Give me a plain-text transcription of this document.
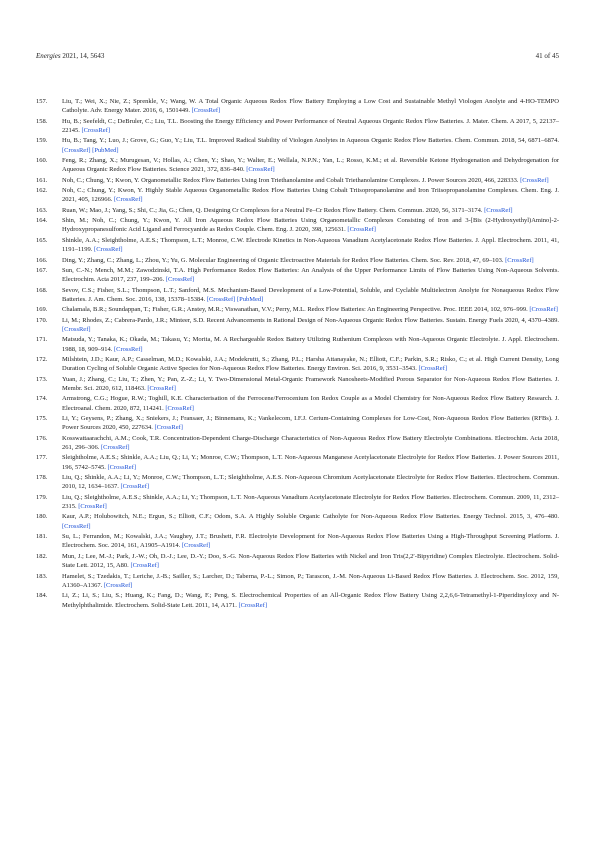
Energies 2021, 14, 5643	41 of 45
157.	Liu, T.; Wei, X.; Nie, Z.; Sprenkle, V.; Wang, W. A Total Organic Aqueous Redox Flow Battery Employing a Low Cost and Sustainable Methyl Viologen Anolyte and 4-HO-TEMPO Catholyte. Adv. Energy Mater. 2016, 6, 1501449. [CrossRef]
158.	Hu, B.; Seefeldt, C.; DeBruler, C.; Liu, T.L. Boosting the Energy Efficiency and Power Performance of Neutral Aqueous Organic Redox Flow Batteries. J. Mater. Chem. A 2017, 5, 22137–22145. [CrossRef]
159.	Hu, B.; Tang, Y.; Luo, J.; Grove, G.; Guo, Y.; Liu, T.L. Improved Radical Stability of Viologen Anolytes in Aqueous Organic Redox Flow Batteries. Chem. Commun. 2018, 54, 6871–6874. [CrossRef] [PubMed]
160.	Feng, R.; Zhang, X.; Murugesan, V.; Hollas, A.; Chen, Y.; Shao, Y.; Walter, E.; Wellala, N.P.N.; Yan, L.; Rosso, K.M.; et al. Reversible Ketone Hydrogenation and Dehydrogenation for Aqueous Organic Redox Flow Batteries. Science 2021, 372, 836–840. [CrossRef]
161.	Noh, C.; Chung, Y.; Kwon, Y. Organometallic Redox Flow Batteries Using Iron Triethanolamine and Cobalt Triethanolamine Complexes. J. Power Sources 2020, 466, 228333. [CrossRef]
162.	Noh, C.; Chung, Y.; Kwon, Y. Highly Stable Aqueous Organometallic Redox Flow Batteries Using Cobalt Triisopropanolamine and Iron Triisopropanolamine Complexes. Chem. Eng. J. 2021, 405, 126966. [CrossRef]
163.	Ruan, W.; Mao, J.; Yang, S.; Shi, C.; Jia, G.; Chen, Q. Designing Cr Complexes for a Neutral Fe–Cr Redox Flow Battery. Chem. Commun. 2020, 56, 3171–3174. [CrossRef]
164.	Shin, M.; Noh, C.; Chung, Y.; Kwon, Y. All Iron Aqueous Redox Flow Batteries Using Organometallic Complexes Consisting of Iron and 3-[Bis (2-Hydroxyethyl)Amino]-2-Hydroxypropanesulfonic Acid Ligand and Ferrocyanide as Redox Couple. Chem. Eng. J. 2020, 398, 125631. [CrossRef]
165.	Shinkle, A.A.; Sleightholme, A.E.S.; Thompson, L.T.; Monroe, C.W. Electrode Kinetics in Non-Aqueous Vanadium Acetylacetonate Redox Flow Batteries. J. Appl. Electrochem. 2011, 41, 1191–1199. [CrossRef]
166.	Ding, Y.; Zhang, C.; Zhang, L.; Zhou, Y.; Yu, G. Molecular Engineering of Organic Electroactive Materials for Redox Flow Batteries. Chem. Soc. Rev. 2018, 47, 69–103. [CrossRef]
167.	Sun, C.-N.; Mench, M.M.; Zawodzinski, T.A. High Performance Redox Flow Batteries: An Analysis of the Upper Performance Limits of Flow Batteries Using Non-Aqueous Solvents. Electrochim. Acta 2017, 237, 199–206. [CrossRef]
168.	Sevov, C.S.; Fisher, S.L.; Thompson, L.T.; Sanford, M.S. Mechanism-Based Development of a Low-Potential, Soluble, and Cyclable Multielectron Anolyte for Nonaqueous Redox Flow Batteries. J. Am. Chem. Soc. 2016, 138, 15378–15384. [CrossRef] [PubMed]
169.	Chalamala, B.R.; Soundappan, T.; Fisher, G.R.; Anstey, M.R.; Viswanathan, V.V.; Perry, M.L. Redox Flow Batteries: An Engineering Perspective. Proc. IEEE 2014, 102, 976–999. [CrossRef]
170.	Li, M.; Rhodes, Z.; Cabrera-Pardo, J.R.; Minteer, S.D. Recent Advancements in Rational Design of Non-Aqueous Organic Redox Flow Batteries. Sustain. Energy Fuels 2020, 4, 4370–4389. [CrossRef]
171.	Matsuda, Y.; Tanaka, K.; Okada, M.; Takasu, Y.; Morita, M. A Rechargeable Redox Battery Utilizing Ruthenium Complexes with Non-Aqueous Organic Electrolyte. J. Appl. Electrochem. 1988, 18, 909–914. [CrossRef]
172.	Milshtein, J.D.; Kaur, A.P.; Casselman, M.D.; Kowalski, J.A.; Modekrutti, S.; Zhang, P.L.; Harsha Attanayake, N.; Elliott, C.F.; Parkin, S.R.; Risko, C.; et al. High Current Density, Long Duration Cycling of Soluble Organic Active Species for Non-Aqueous Redox Flow Batteries. Energy Environ. Sci. 2016, 9, 3531–3543. [CrossRef]
173.	Yuan, J.; Zhang, C.; Liu, T.; Zhen, Y.; Pan, Z.-Z.; Li, Y. Two-Dimensional Metal-Organic Framework Nanosheets-Modified Porous Separator for Non-Aqueous Redox Flow Batteries. J. Membr. Sci. 2020, 612, 118463. [CrossRef]
174.	Armstrong, C.G.; Hogue, R.W.; Toghill, K.E. Characterisation of the Ferrocene/Ferrocenium Ion Redox Couple as a Model Chemistry for Non-Aqueous Redox Flow Battery Research. J. Electroanal. Chem. 2020, 872, 114241. [CrossRef]
175.	Li, Y.; Geysens, P.; Zhang, X.; Sniekers, J.; Fransaer, J.; Binnemans, K.; Vankelecom, I.F.J. Cerium-Containing Complexes for Low-Cost, Non-Aqueous Redox Flow Batteries (RFBs). J. Power Sources 2020, 450, 227634. [CrossRef]
176.	Kosswattaarachchi, A.M.; Cook, T.R. Concentration-Dependent Charge-Discharge Characteristics of Non-Aqueous Redox Flow Battery Electrolyte Combinations. Electrochim. Acta 2018, 261, 296–306. [CrossRef]
177.	Sleightholme, A.E.S.; Shinkle, A.A.; Liu, Q.; Li, Y.; Monroe, C.W.; Thompson, L.T. Non-Aqueous Manganese Acetylacetonate Electrolyte for Redox Flow Batteries. J. Power Sources 2011, 196, 5742–5745. [CrossRef]
178.	Liu, Q.; Shinkle, A.A.; Li, Y.; Monroe, C.W.; Thompson, L.T.; Sleightholme, A.E.S. Non-Aqueous Chromium Acetylacetonate Electrolyte for Redox Flow Batteries. Electrochem. Commun. 2010, 12, 1634–1637. [CrossRef]
179.	Liu, Q.; Sleightholme, A.E.S.; Shinkle, A.A.; Li, Y.; Thompson, L.T. Non-Aqueous Vanadium Acetylacetonate Electrolyte for Redox Flow Batteries. Electrochem. Commun. 2009, 11, 2312–2315. [CrossRef]
180.	Kaur, A.P.; Holubowitch, N.E.; Ergun, S.; Elliott, C.F.; Odom, S.A. A Highly Soluble Organic Catholyte for Non-Aqueous Redox Flow Batteries. Energy Technol. 2015, 3, 476–480. [CrossRef]
181.	Su, L.; Ferrandon, M.; Kowalski, J.A.; Vaughey, J.T.; Brushett, F.R. Electrolyte Development for Non-Aqueous Redox Flow Batteries Using a High-Throughput Screening Platform. J. Electrochem. Soc. 2014, 161, A1905–A1914. [CrossRef]
182.	Mun, J.; Lee, M.-J.; Park, J.-W.; Oh, D.-J.; Lee, D.-Y.; Doo, S.-G. Non-Aqueous Redox Flow Batteries with Nickel and Iron Tris(2,2′-Bipyridine) Complex Electrolyte. Electrochem. Solid-State Lett. 2012, 15, A80. [CrossRef]
183.	Hamelet, S.; Tzedakis, T.; Leriche, J.-B.; Sailler, S.; Larcher, D.; Taberna, P.-L.; Simon, P.; Tarascon, J.-M. Non-Aqueous Li-Based Redox Flow Batteries. J. Electrochem. Soc. 2012, 159, A1360–A1367. [CrossRef]
184.	Li, Z.; Li, S.; Liu, S.; Huang, K.; Fang, D.; Wang, F.; Peng, S. Electrochemical Properties of an All-Organic Redox Flow Battery Using 2,2,6,6-Tetramethyl-1-Piperidinyloxy and N-Methylphthalimide. Electrochem. Solid-State Lett. 2011, 14, A171. [CrossRef]
